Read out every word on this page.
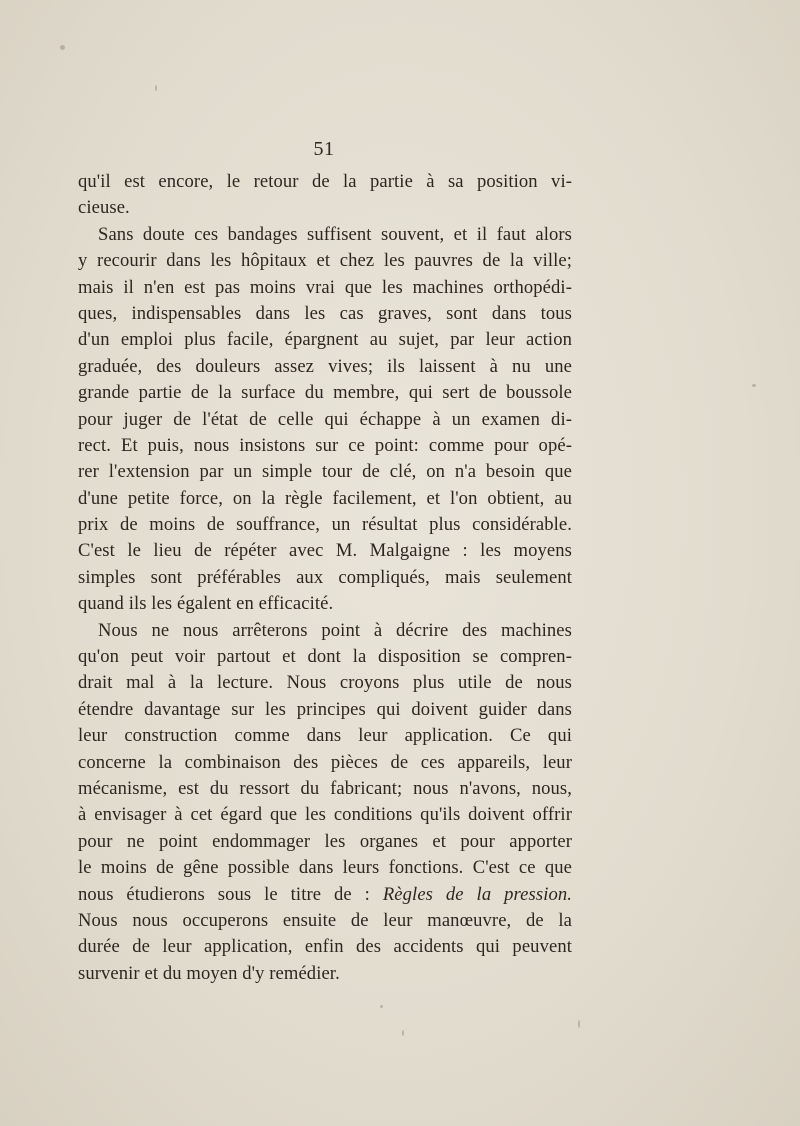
51
qu'il est encore, le retour de la partie à sa position vi-
cieuse.
Sans doute ces bandages suffisent souvent, et il faut alors
y recourir dans les hôpitaux et chez les pauvres de la ville;
mais il n'en est pas moins vrai que les machines orthopédi-
ques, indispensables dans les cas graves, sont dans tous
d'un emploi plus facile, épargnent au sujet, par leur action
graduée, des douleurs assez vives; ils laissent à nu une
grande partie de la surface du membre, qui sert de boussole
pour juger de l'état de celle qui échappe à un examen di-
rect. Et puis, nous insistons sur ce point: comme pour opé-
rer l'extension par un simple tour de clé, on n'a besoin que
d'une petite force, on la règle facilement, et l'on obtient, au
prix de moins de souffrance, un résultat plus considérable.
C'est le lieu de répéter avec M. Malgaigne : les moyens
simples sont préférables aux compliqués, mais seulement
quand ils les égalent en efficacité.
Nous ne nous arrêterons point à décrire des machines
qu'on peut voir partout et dont la disposition se compren-
drait mal à la lecture. Nous croyons plus utile de nous
étendre davantage sur les principes qui doivent guider dans
leur construction comme dans leur application. Ce qui
concerne la combinaison des pièces de ces appareils, leur
mécanisme, est du ressort du fabricant; nous n'avons, nous,
à envisager à cet égard que les conditions qu'ils doivent offrir
pour ne point endommager les organes et pour apporter
le moins de gêne possible dans leurs fonctions. C'est ce que
nous étudierons sous le titre de : Règles de la pression.
Nous nous occuperons ensuite de leur manœuvre, de la
durée de leur application, enfin des accidents qui peuvent
survenir et du moyen d'y remédier.
